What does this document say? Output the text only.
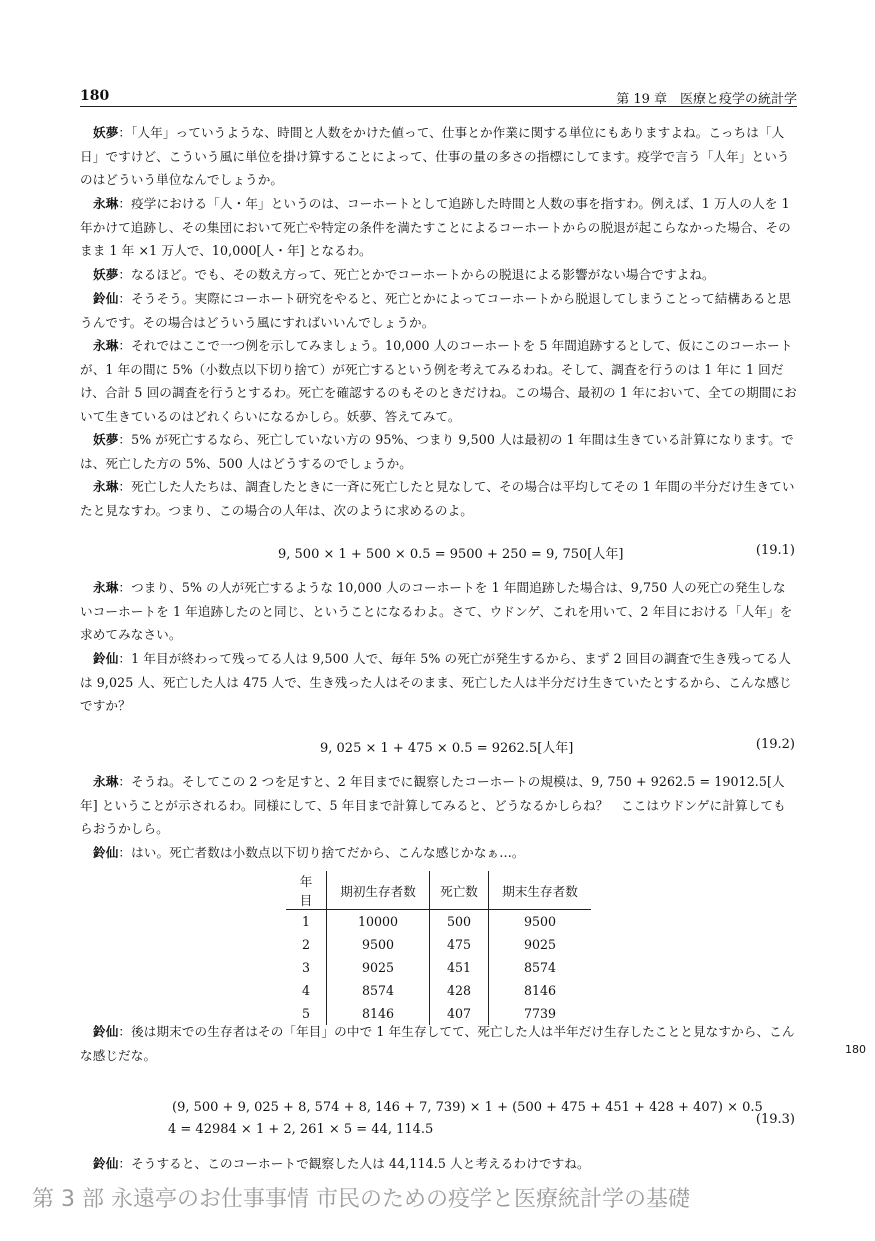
180	第 19 章　医療と疫学の統計学

妖夢：「人年」っていうような、時間と人数をかけた値って、仕事とか作業に関する単位にもありますよね。こっちは「人日」ですけど、こういう風に単位を掛け算することによって、仕事の量の多さの指標にしてます。疫学で言う「人年」というのはどういう単位なんでしょうか。

永琳：疫学における「人・年」というのは、コーホートとして追跡した時間と人数の事を指すわ。例えば、1 万人の人を 1 年かけて追跡し、その集団において死亡や特定の条件を満たすことによるコーホートからの脱退が起こらなかった場合、そのまま 1 年 ×1 万人で、10,000[人・年] となるわ。

妖夢：なるほど。でも、その数え方って、死亡とかでコーホートからの脱退による影響がない場合ですよね。

鈴仙：そうそう。実際にコーホート研究をやると、死亡とかによってコーホートから脱退してしまうことって結構あると思うんです。その場合はどういう風にすればいいんでしょうか。

永琳：それではここで一つ例を示してみましょう。10,000 人のコーホートを 5 年間追跡するとして、仮にこのコーホートが、1 年の間に 5%（小数点以下切り捨て）が死亡するという例を考えてみるわね。そして、調査を行うのは 1 年に 1 回だけ、合計 5 回の調査を行うとするわ。死亡を確認するのもそのときだけね。この場合、最初の 1 年において、全ての期間において生きているのはどれくらいになるかしら。妖夢、答えてみて。

妖夢：5% が死亡するなら、死亡していない方の 95%、つまり 9,500 人は最初の 1 年間は生きている計算になります。では、死亡した方の 5%、500 人はどうするのでしょうか。

永琳：死亡した人たちは、調査したときに一斉に死亡したと見なして、その場合は平均してその 1 年間の半分だけ生きていたと見なすわ。つまり、この場合の人年は、次のように求めるのよ。

9, 500 × 1 + 500 × 0.5 = 9500 + 250 = 9, 750[人年]	(19.1)

永琳：つまり、5% の人が死亡するような 10,000 人のコーホートを 1 年間追跡した場合は、9,750 人の死亡の発生しないコーホートを 1 年追跡したのと同じ、ということになるわよ。さて、ウドンゲ、これを用いて、2 年目における「人年」を求めてみなさい。

鈴仙：1 年目が終わって残ってる人は 9,500 人で、毎年 5% の死亡が発生するから、まず 2 回目の調査で生き残ってる人は 9,025 人、死亡した人は 475 人で、生き残った人はそのまま、死亡した人は半分だけ生きていたとするから、こんな感じですか？

9, 025 × 1 + 475 × 0.5 = 9262.5[人年]	(19.2)

永琳：そうね。そしてこの 2 つを足すと、2 年目までに観察したコーホートの規模は、9, 750 + 9262.5 = 19012.5[人年] ということが示されるわ。同様にして、5 年目まで計算してみると、どうなるかしらね？　ここはウドンゲに計算してもらおうかしら。

鈴仙：はい。死亡者数は小数点以下切り捨てだから、こんな感じかなぁ…。

年目	期初生存者数	死亡数	期末生存者数
1	10000	500	9500
2	9500	475	9025
3	9025	451	8574
4	8574	428	8146
5	8146	407	7739

鈴仙：後は期末での生存者はその「年目」の中で 1 年生存してて、死亡した人は半年だけ生存したことと見なすから、こんな感じだな。	180
(9, 500 + 9, 025 + 8, 574 + 8, 146 + 7, 739) × 1 + (500 + 475 + 451 + 428 + 407) × 0.5
4 = 42984 × 1 + 2, 261 × 5 = 44, 114.5
(19.3)

鈴仙：そうすると、このコーホートで観察した人は 44,114.5 人と考えるわけですね。

第 3 部 永遠亭のお仕事事情 市民のための疫学と医療統計学の基礎
